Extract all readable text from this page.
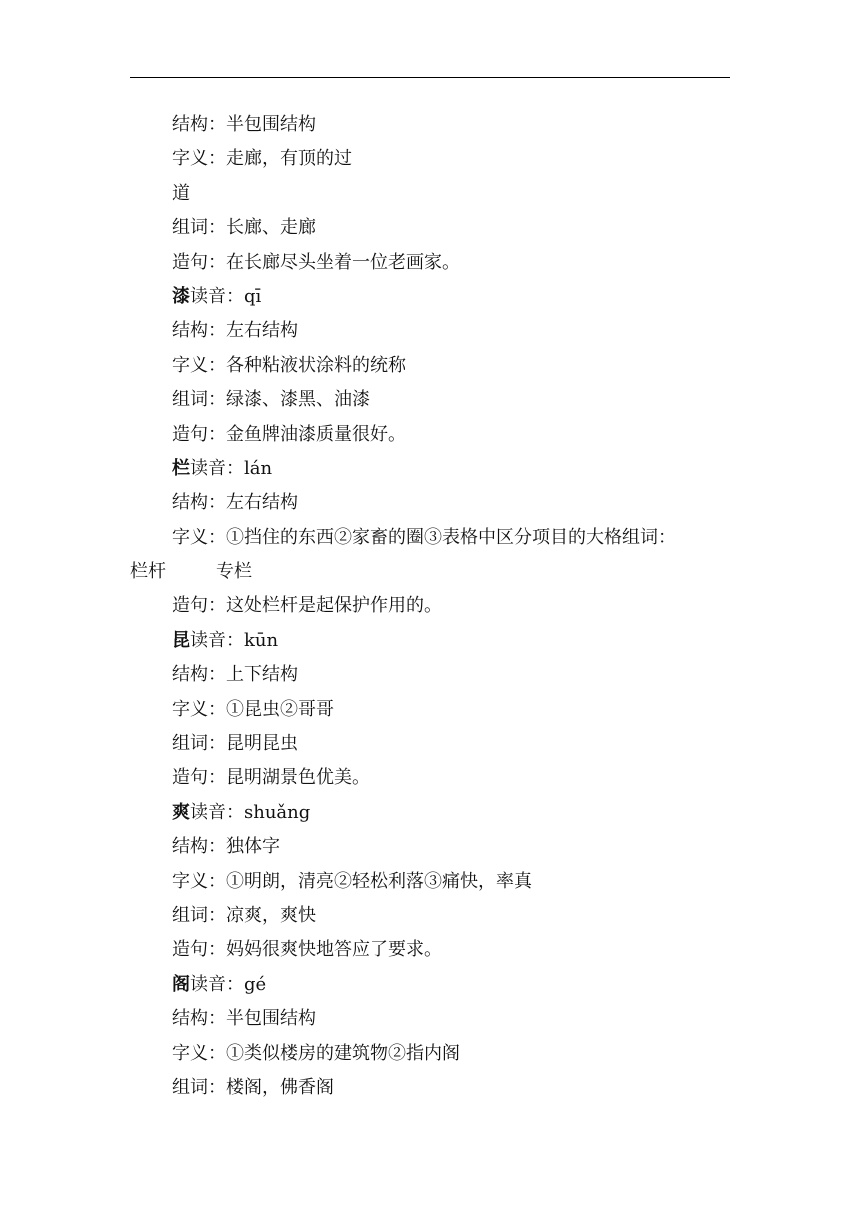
结构：半包围结构
字义：走廊，有顶的过
道
组词：长廊、走廊
造句：在长廊尽头坐着一位老画家。
漆读音：qī
结构：左右结构
字义：各种粘液状涂料的统称
组词：绿漆、漆黑、油漆
造句：金鱼牌油漆质量很好。
栏读音：lán
结构：左右结构
字义：①挡住的东西②家畜的圈③表格中区分项目的大格组词：
栏杆	专栏
造句：这处栏杆是起保护作用的。
昆读音：kūn
结构：上下结构
字义：①昆虫②哥哥
组词：昆明昆虫
造句：昆明湖景色优美。
爽读音：shuǎng
结构：独体字
字义：①明朗，清亮②轻松利落③痛快，率真
组词：凉爽，爽快
造句：妈妈很爽快地答应了要求。
阁读音：gé
结构：半包围结构
字义：①类似楼房的建筑物②指内阁
组词：楼阁，佛香阁
